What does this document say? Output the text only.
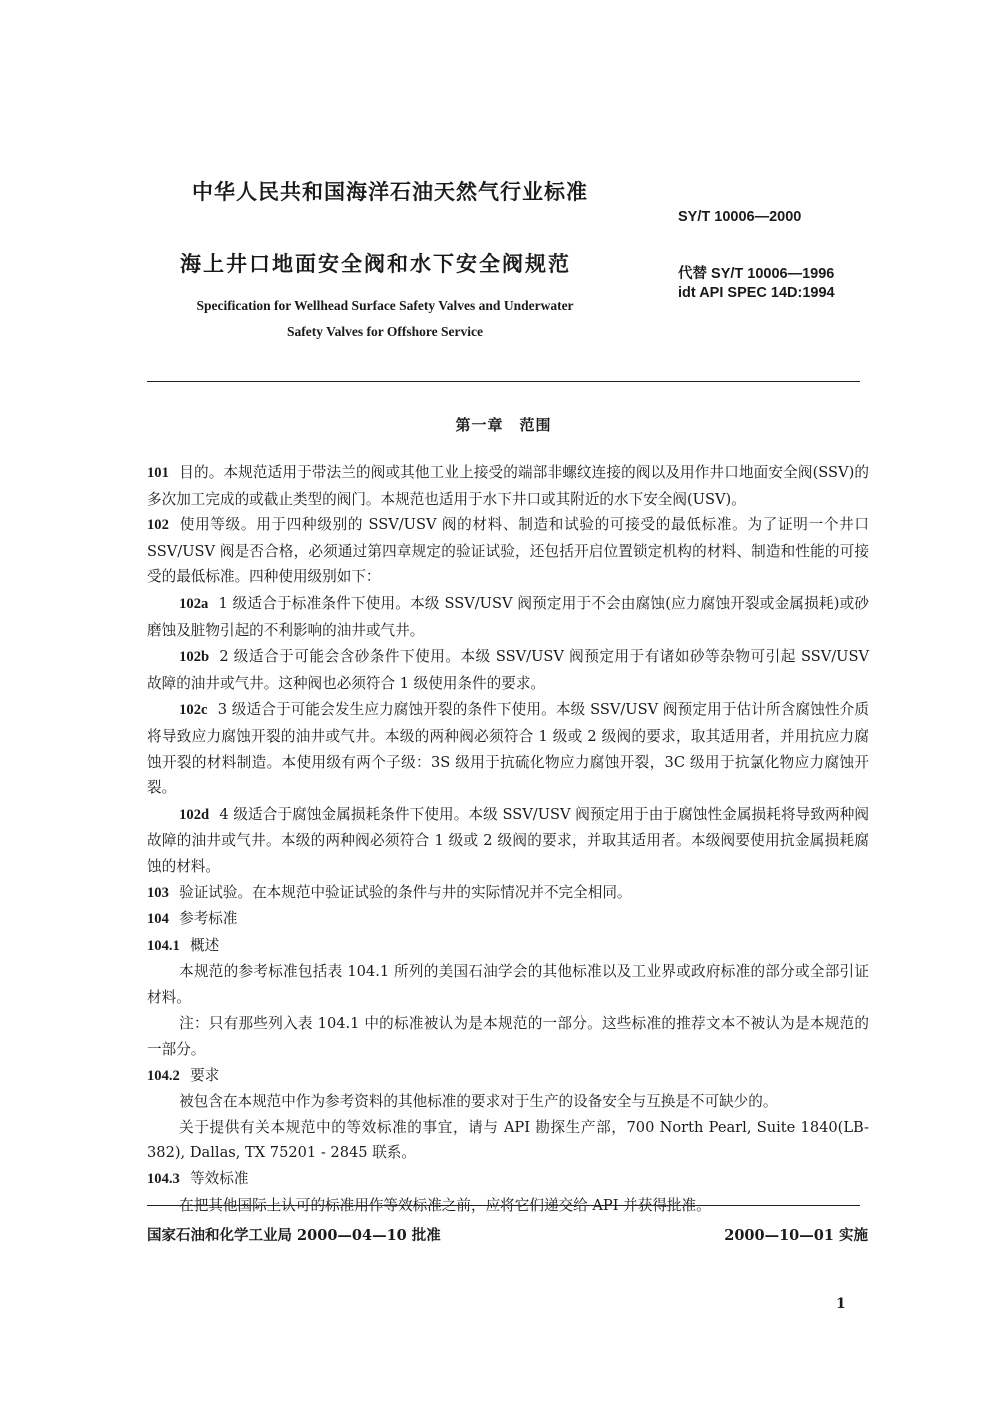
中华人民共和国海洋石油天然气行业标准
SY/T 10006—2000
海上井口地面安全阀和水下安全阀规范	代替 SY/T 10006—1996
idt API SPEC 14D:1994
Specification for Wellhead Surface Safety Valves and Underwater
Safety Valves for Offshore Service
第一章　范围

101 目的。本规范适用于带法兰的阀或其他工业上接受的端部非螺纹连接的阀以及用作井口地面安全阀(SSV)的多次加工完成的或截止类型的阀门。本规范也适用于水下井口或其附近的水下安全阀(USV)。

102 使用等级。用于四种级别的 SSV/USV 阀的材料、制造和试验的可接受的最低标准。为了证明一个井口 SSV/USV 阀是否合格，必须通过第四章规定的验证试验，还包括开启位置锁定机构的材料、制造和性能的可接受的最低标准。四种使用级别如下：

102a 1 级适合于标准条件下使用。本级 SSV/USV 阀预定用于不会由腐蚀(应力腐蚀开裂或金属损耗)或砂磨蚀及脏物引起的不利影响的油井或气井。

102b 2 级适合于可能会含砂条件下使用。本级 SSV/USV 阀预定用于有诸如砂等杂物可引起 SSV/USV 故障的油井或气井。这种阀也必须符合 1 级使用条件的要求。

102c 3 级适合于可能会发生应力腐蚀开裂的条件下使用。本级 SSV/USV 阀预定用于估计所含腐蚀性介质将导致应力腐蚀开裂的油井或气井。本级的两种阀必须符合 1 级或 2 级阀的要求，取其适用者，并用抗应力腐蚀开裂的材料制造。本使用级有两个子级：3S 级用于抗硫化物应力腐蚀开裂，3C 级用于抗氯化物应力腐蚀开裂。

102d 4 级适合于腐蚀金属损耗条件下使用。本级 SSV/USV 阀预定用于由于腐蚀性金属损耗将导致两种阀故障的油井或气井。本级的两种阀必须符合 1 级或 2 级阀的要求，并取其适用者。本级阀要使用抗金属损耗腐蚀的材料。

103 验证试验。在本规范中验证试验的条件与井的实际情况并不完全相同。

104 参考标准

104.1 概述

本规范的参考标准包括表 104.1 所列的美国石油学会的其他标准以及工业界或政府标准的部分或全部引证材料。

注：只有那些列入表 104.1 中的标准被认为是本规范的一部分。这些标准的推荐文本不被认为是本规范的一部分。

104.2 要求

被包含在本规范中作为参考资料的其他标准的要求对于生产的设备安全与互换是不可缺少的。

关于提供有关本规范中的等效标准的事宜，请与 API 勘探生产部，700 North Pearl, Suite 1840(LB-382), Dallas, TX 75201 - 2845 联系。

104.3 等效标准

在把其他国际上认可的标准用作等效标准之前，应将它们递交给 API 并获得批准。

国家石油和化学工业局 2000—04—10 批准	2000—10—01 实施
1
